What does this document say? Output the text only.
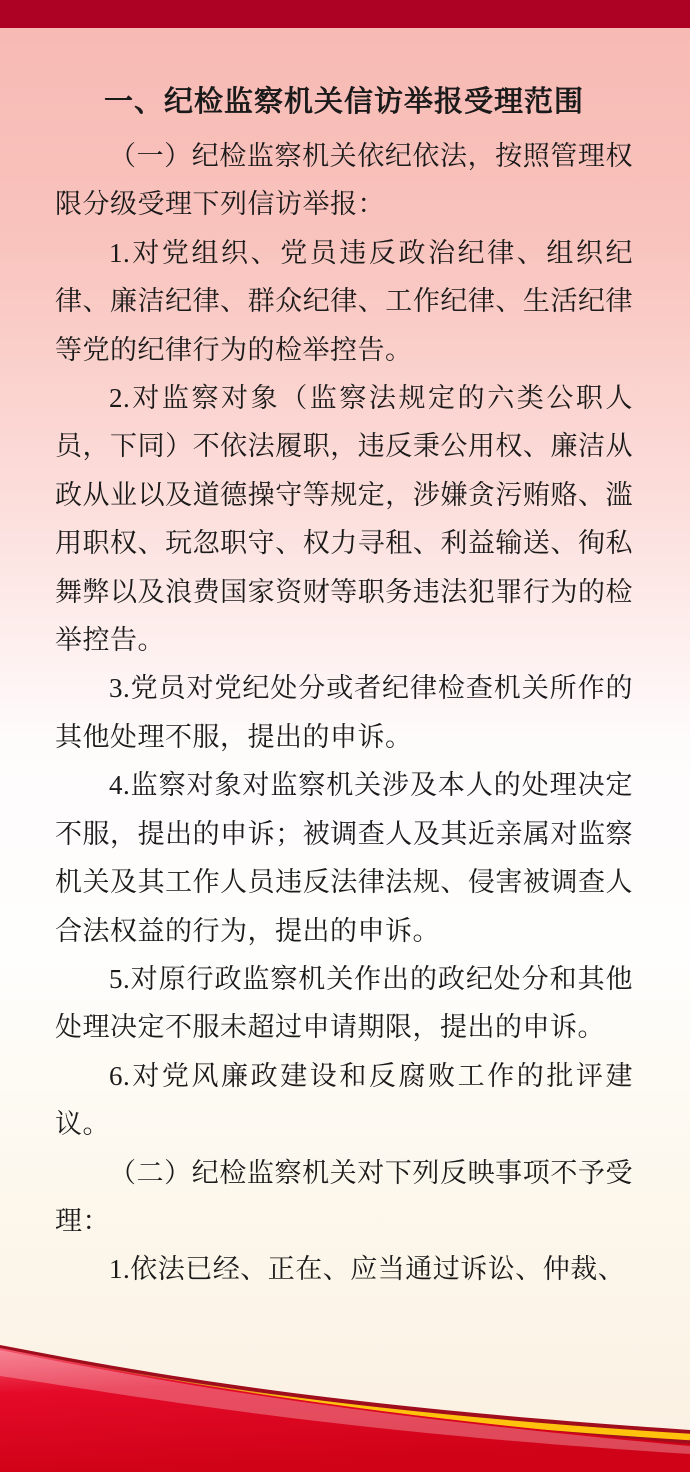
一、纪检监察机关信访举报受理范围

（一）纪检监察机关依纪依法，按照管理权限分级受理下列信访举报：

1.对党组织、党员违反政治纪律、组织纪律、廉洁纪律、群众纪律、工作纪律、生活纪律等党的纪律行为的检举控告。

2.对监察对象（监察法规定的六类公职人员，下同）不依法履职，违反秉公用权、廉洁从政从业以及道德操守等规定，涉嫌贪污贿赂、滥用职权、玩忽职守、权力寻租、利益输送、徇私舞弊以及浪费国家资财等职务违法犯罪行为的检举控告。

3.党员对党纪处分或者纪律检查机关所作的其他处理不服，提出的申诉。

4.监察对象对监察机关涉及本人的处理决定不服，提出的申诉；被调查人及其近亲属对监察机关及其工作人员违反法律法规、侵害被调查人合法权益的行为，提出的申诉。

5.对原行政监察机关作出的政纪处分和其他处理决定不服未超过申请期限，提出的申诉。

6.对党风廉政建设和反腐败工作的批评建议。

（二）纪检监察机关对下列反映事项不予受理：

1.依法已经、正在、应当通过诉讼、仲裁、
